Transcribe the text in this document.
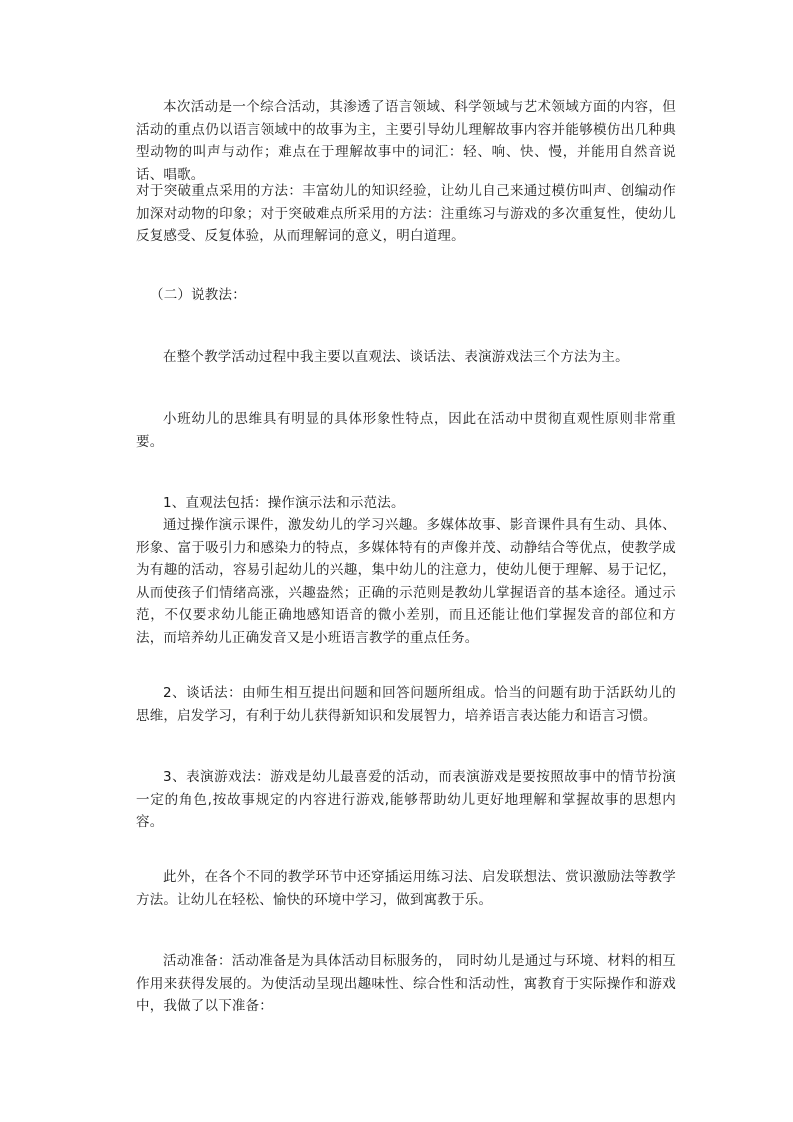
本次活动是一个综合活动，其渗透了语言领域、科学领域与艺术领域方面的内容，但活动的重点仍以语言领域中的故事为主，主要引导幼儿理解故事内容并能够模仿出几种典型动物的叫声与动作；难点在于理解故事中的词汇：轻、响、快、慢，并能用自然音说话、唱歌。

对于突破重点采用的方法：丰富幼儿的知识经验，让幼儿自己来通过模仿叫声、创编动作加深对动物的印象；对于突破难点所采用的方法：注重练习与游戏的多次重复性，使幼儿反复感受、反复体验，从而理解词的意义，明白道理。

（二）说教法：

在整个教学活动过程中我主要以直观法、谈话法、表演游戏法三个方法为主。

小班幼儿的思维具有明显的具体形象性特点，因此在活动中贯彻直观性原则非常重要。

1、直观法包括：操作演示法和示范法。

通过操作演示课件，激发幼儿的学习兴趣。多媒体故事、影音课件具有生动、具体、形象、富于吸引力和感染力的特点，多媒体特有的声像并茂、动静结合等优点，使教学成为有趣的活动，容易引起幼儿的兴趣，集中幼儿的注意力，使幼儿便于理解、易于记忆，从而使孩子们情绪高涨，兴趣盎然；正确的示范则是教幼儿掌握语音的基本途径。通过示范，不仅要求幼儿能正确地感知语音的微小差别，而且还能让他们掌握发音的部位和方法，而培养幼儿正确发音又是小班语言教学的重点任务。

2、谈话法：由师生相互提出问题和回答问题所组成。恰当的问题有助于活跃幼儿的思维，启发学习，有利于幼儿获得新知识和发展智力，培养语言表达能力和语言习惯。

3、表演游戏法：游戏是幼儿最喜爱的活动，而表演游戏是要按照故事中的情节扮演一定的角色,按故事规定的内容进行游戏,能够帮助幼儿更好地理解和掌握故事的思想内容。

此外，在各个不同的教学环节中还穿插运用练习法、启发联想法、赏识激励法等教学方法。让幼儿在轻松、愉快的环境中学习，做到寓教于乐。

活动准备：活动准备是为具体活动目标服务的， 同时幼儿是通过与环境、材料的相互作用来获得发展的。为使活动呈现出趣味性、综合性和活动性，寓教育于实际操作和游戏中，我做了以下准备：
